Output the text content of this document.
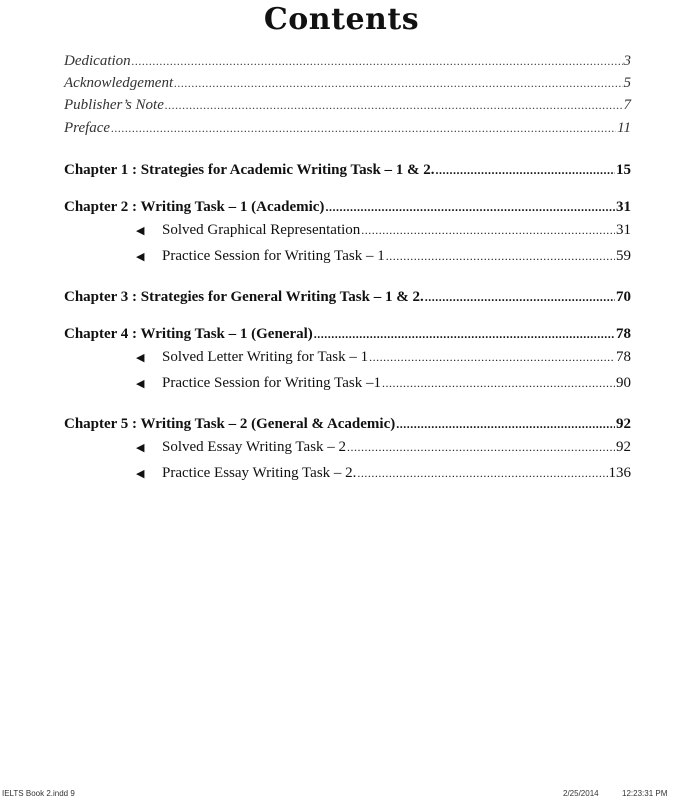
Contents
Dedication .....	3
Acknowledgement .....	5
Publisher’s Note .....	7
Preface .....	11
Chapter 1 : Strategies for Academic Writing Task – 1 & 2. .....	15
Chapter 2 : Writing Task – 1 (Academic) .....	31
◀︎	Solved Graphical Representation .....	31
◀︎	Practice Session for Writing Task – 1 .....	59
Chapter 3 : Strategies for General Writing Task – 1 & 2. .....	70
Chapter 4 : Writing Task – 1 (General) .....	78
◀︎	Solved Letter Writing for Task – 1 .....	78
◀︎	Practice Session for Writing Task –1 .....	90
Chapter 5 : Writing Task – 2 (General & Academic) .....	92
◀︎	Solved Essay Writing Task – 2 .....	92
◀︎	Practice Essay Writing Task – 2. .....	136
IELTS Book 2.indd 9	2/25/2014	12:23:31 PM
